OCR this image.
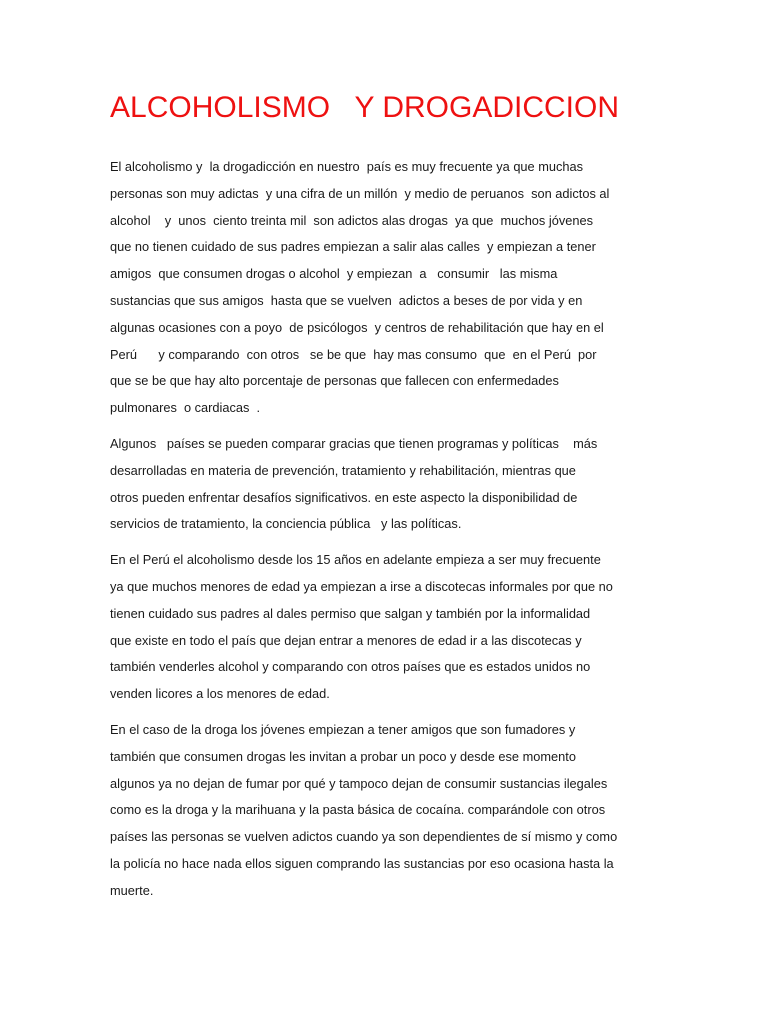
ALCOHOLISMO   Y DROGADICCION
El alcoholismo y  la drogadicción en nuestro  país es muy frecuente ya que muchas
personas son muy adictas  y una cifra de un millón  y medio de peruanos  son adictos al
alcohol    y  unos  ciento treinta mil  son adictos alas drogas  ya que  muchos jóvenes
que no tienen cuidado de sus padres empiezan a salir alas calles  y empiezan a tener
amigos  que consumen drogas o alcohol  y empiezan  a   consumir   las misma
sustancias que sus amigos  hasta que se vuelven  adictos a beses de por vida y en
algunas ocasiones con a poyo  de psicólogos  y centros de rehabilitación que hay en el
Perú      y comparando  con otros   se be que  hay mas consumo  que  en el Perú  por
que se be que hay alto porcentaje de personas que fallecen con enfermedades
pulmonares  o cardiacas  .
Algunos   países se pueden comparar gracias que tienen programas y políticas    más
desarrolladas en materia de prevención, tratamiento y rehabilitación, mientras que
otros pueden enfrentar desafíos significativos. en este aspecto la disponibilidad de
servicios de tratamiento, la conciencia pública   y las políticas.
En el Perú el alcoholismo desde los 15 años en adelante empieza a ser muy frecuente
ya que muchos menores de edad ya empiezan a irse a discotecas informales por que no
tienen cuidado sus padres al dales permiso que salgan y también por la informalidad
que existe en todo el país que dejan entrar a menores de edad ir a las discotecas y
también venderles alcohol y comparando con otros países que es estados unidos no
venden licores a los menores de edad.
En el caso de la droga los jóvenes empiezan a tener amigos que son fumadores y
también que consumen drogas les invitan a probar un poco y desde ese momento
algunos ya no dejan de fumar por qué y tampoco dejan de consumir sustancias ilegales
como es la droga y la marihuana y la pasta básica de cocaína. comparándole con otros
países las personas se vuelven adictos cuando ya son dependientes de sí mismo y como
la policía no hace nada ellos siguen comprando las sustancias por eso ocasiona hasta la
muerte.
